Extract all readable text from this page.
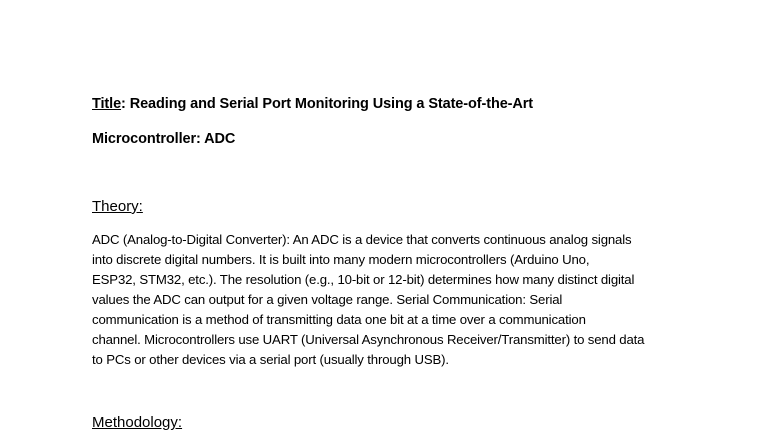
Title: Reading and Serial Port Monitoring Using a State-of-the-Art
Microcontroller: ADC
Theory:
ADC (Analog-to-Digital Converter): An ADC is a device that converts continuous analog signals
into discrete digital numbers. It is built into many modern microcontrollers (Arduino Uno,
ESP32, STM32, etc.). The resolution (e.g., 10-bit or 12-bit) determines how many distinct digital
values the ADC can output for a given voltage range. Serial Communication: Serial
communication is a method of transmitting data one bit at a time over a communication
channel. Microcontrollers use UART (Universal Asynchronous Receiver/Transmitter) to send data
to PCs or other devices via a serial port (usually through USB).
Methodology:
